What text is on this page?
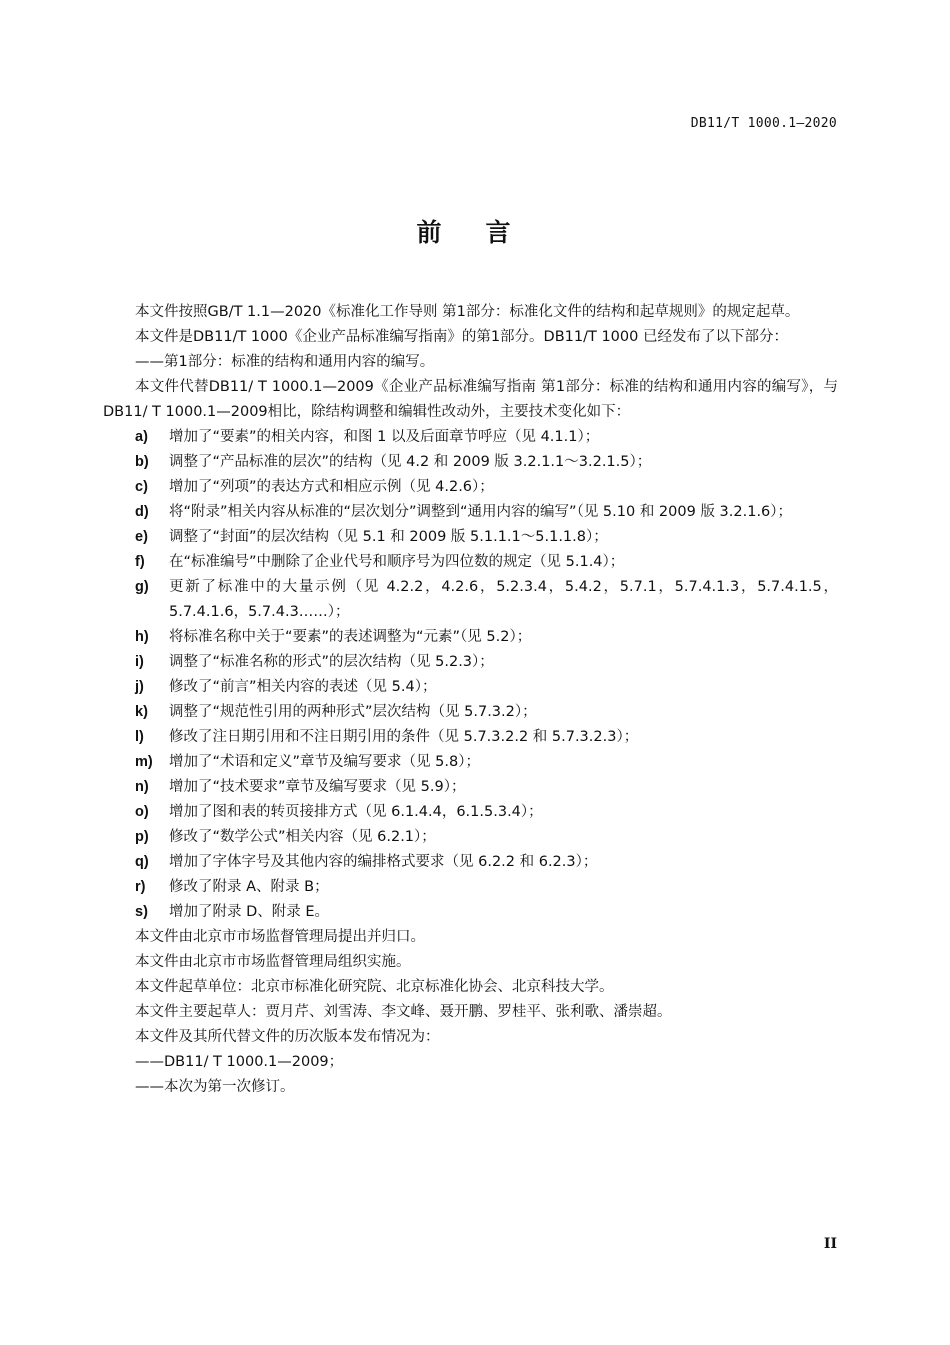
DB11/T 1000.1—2020
前言

本文件按照GB/T 1.1—2020《标准化工作导则 第1部分：标准化文件的结构和起草规则》的规定起草。

本文件是DB11/T 1000《企业产品标准编写指南》的第1部分。DB11/T 1000 已经发布了以下部分：

——第1部分：标准的结构和通用内容的编写。

本文件代替DB11/ T 1000.1—2009《企业产品标准编写指南 第1部分：标准的结构和通用内容的编写》，与DB11/ T 1000.1—2009相比，除结构调整和编辑性改动外，主要技术变化如下：

a)	增加了“要素”的相关内容，和图 1 以及后面章节呼应（见 4.1.1）；
b)	调整了“产品标准的层次”的结构（见 4.2 和 2009 版 3.2.1.1～3.2.1.5）；
c)	增加了“列项”的表达方式和相应示例（见 4.2.6）；
d)	将“附录”相关内容从标准的“层次划分”调整到“通用内容的编写”（见 5.10 和 2009 版 3.2.1.6）；
e)	调整了“封面”的层次结构（见 5.1 和 2009 版 5.1.1.1～5.1.1.8）；
f)	在“标准编号”中删除了企业代号和顺序号为四位数的规定（见 5.1.4）；
g)	更新了标准中的大量示例（见 4.2.2，4.2.6，5.2.3.4，5.4.2，5.7.1，5.7.4.1.3，5.7.4.1.5，5.7.4.1.6，5.7.4.3……）；
h)	将标准名称中关于“要素”的表述调整为“元素”（见 5.2）；
i)	调整了“标准名称的形式”的层次结构（见 5.2.3）；
j)	修改了“前言”相关内容的表述（见 5.4）；
k)	调整了“规范性引用的两种形式”层次结构（见 5.7.3.2）；
l)	修改了注日期引用和不注日期引用的条件（见 5.7.3.2.2 和 5.7.3.2.3）；
m)	增加了“术语和定义”章节及编写要求（见 5.8）；
n)	增加了“技术要求”章节及编写要求（见 5.9）；
o)	增加了图和表的转页接排方式（见 6.1.4.4，6.1.5.3.4）；
p)	修改了“数学公式”相关内容（见 6.2.1）；
q)	增加了字体字号及其他内容的编排格式要求（见 6.2.2 和 6.2.3）；
r)	修改了附录 A、附录 B；
s)	增加了附录 D、附录 E。

本文件由北京市市场监督管理局提出并归口。

本文件由北京市市场监督管理局组织实施。

本文件起草单位：北京市标准化研究院、北京标准化协会、北京科技大学。

本文件主要起草人：贾月芹、刘雪涛、李文峰、聂开鹏、罗桂平、张利歌、潘崇超。

本文件及其所代替文件的历次版本发布情况为：

——DB11/ T 1000.1—2009；

——本次为第一次修订。

II
